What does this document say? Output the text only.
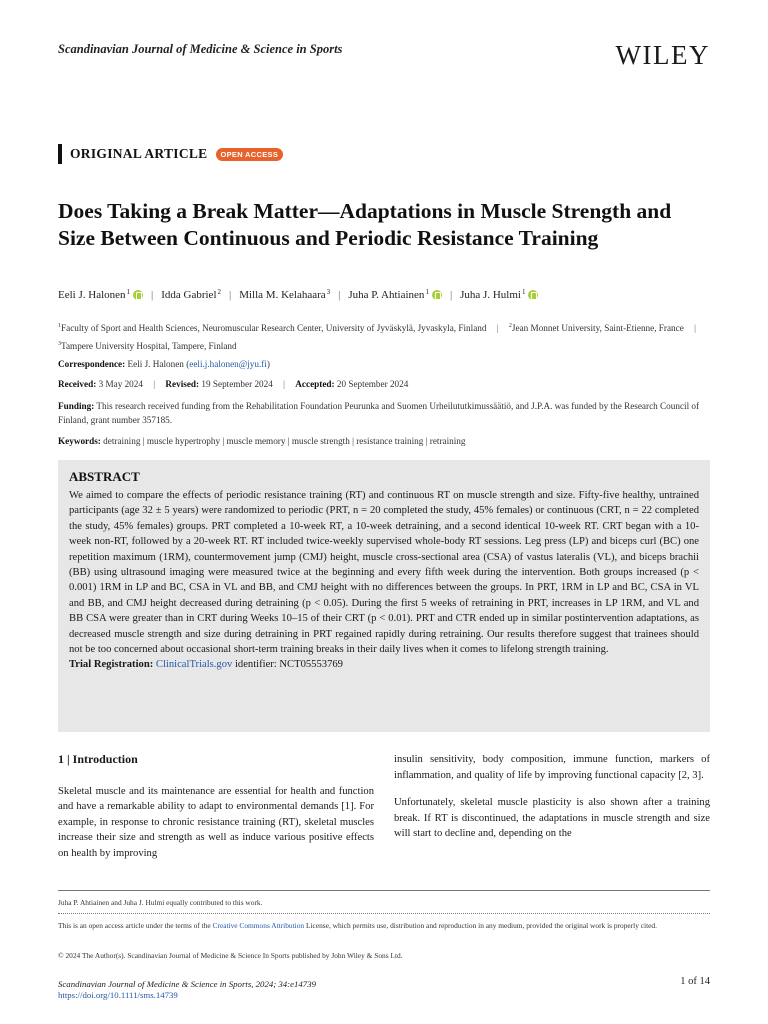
Scandinavian Journal of Medicine & Science in Sports	WILEY
ORIGINAL ARTICLE	OPEN ACCESS
Does Taking a Break Matter—Adaptations in Muscle Strength and Size Between Continuous and Periodic Resistance Training
Eeli J. Halonen$^1$ | Idda Gabriel$^2$ | Milla M. Kelahaara$^3$ | Juha P. Ahtiainen$^1$ | Juha J. Hulmi$^1$
$^1$Faculty of Sport and Health Sciences, Neuromuscular Research Center, University of Jyväskylä, Jyvaskyla, Finland | $^2$Jean Monnet University, Saint-Etienne, France | $^3$Tampere University Hospital, Tampere, Finland
Correspondence: Eeli J. Halonen (eeli.j.halonen@jyu.fi)
Received: 3 May 2024 | Revised: 19 September 2024 | Accepted: 20 September 2024
Funding: This research received funding from the Rehabilitation Foundation Peurunka and Suomen Urheilututkimussäätiö, and J.P.A. was funded by the Research Council of Finland, grant number 357185.
Keywords: detraining | muscle hypertrophy | muscle memory | muscle strength | resistance training | retraining
ABSTRACT
We aimed to compare the effects of periodic resistance training (RT) and continuous RT on muscle strength and size. Fifty-five healthy, untrained participants (age 32 ± 5 years) were randomized to periodic (PRT, n = 20 completed the study, 45% females) or continuous (CRT, n = 22 completed the study, 45% females) groups. PRT completed a 10-week RT, a 10-week detraining, and a second identical 10-week RT. CRT began with a 10-week non-RT, followed by a 20-week RT. RT included twice-weekly supervised whole-body RT sessions. Leg press (LP) and biceps curl (BC) one repetition maximum (1RM), countermovement jump (CMJ) height, muscle cross-sectional area (CSA) of vastus lateralis (VL), and biceps brachii (BB) using ultrasound imaging were measured twice at the beginning and every fifth week during the intervention. Both groups increased (p < 0.001) 1RM in LP and BC, CSA in VL and BB, and CMJ height with no differences between the groups. In PRT, 1RM in LP and BC, CSA in VL and BB, and CMJ height decreased during detraining (p < 0.05). During the first 5 weeks of retraining in PRT, increases in LP 1RM, and VL and BB CSA were greater than in CRT during Weeks 10–15 of their CRT (p < 0.01). PRT and CTR ended up in similar postintervention adaptations, as decreased muscle strength and size during detraining in PRT regained rapidly during retraining. Our results therefore suggest that trainees should not be too concerned about occasional short-term training breaks in their daily lives when it comes to lifelong strength training.
Trial Registration: ClinicalTrials.gov identifier: NCT05553769
1 | Introduction
Skeletal muscle and its maintenance are essential for health and function and have a remarkable ability to adapt to environmental demands [1]. For example, in response to chronic resistance training (RT), skeletal muscles increase their size and strength as well as induce various positive effects on health by improving
insulin sensitivity, body composition, immune function, markers of inflammation, and quality of life by improving functional capacity [2, 3].
Unfortunately, skeletal muscle plasticity is also shown after a training break. If RT is discontinued, the adaptations in muscle strength and size will start to decline and, depending on the
Juha P. Ahtiainen and Juha J. Hulmi equally contributed to this work.
This is an open access article under the terms of the Creative Commons Attribution License, which permits use, distribution and reproduction in any medium, provided the original work is properly cited.
© 2024 The Author(s). Scandinavian Journal of Medicine & Science In Sports published by John Wiley & Sons Ltd.
Scandinavian Journal of Medicine & Science in Sports, 2024; 34:e14739
https://doi.org/10.1111/sms.14739
1 of 14
